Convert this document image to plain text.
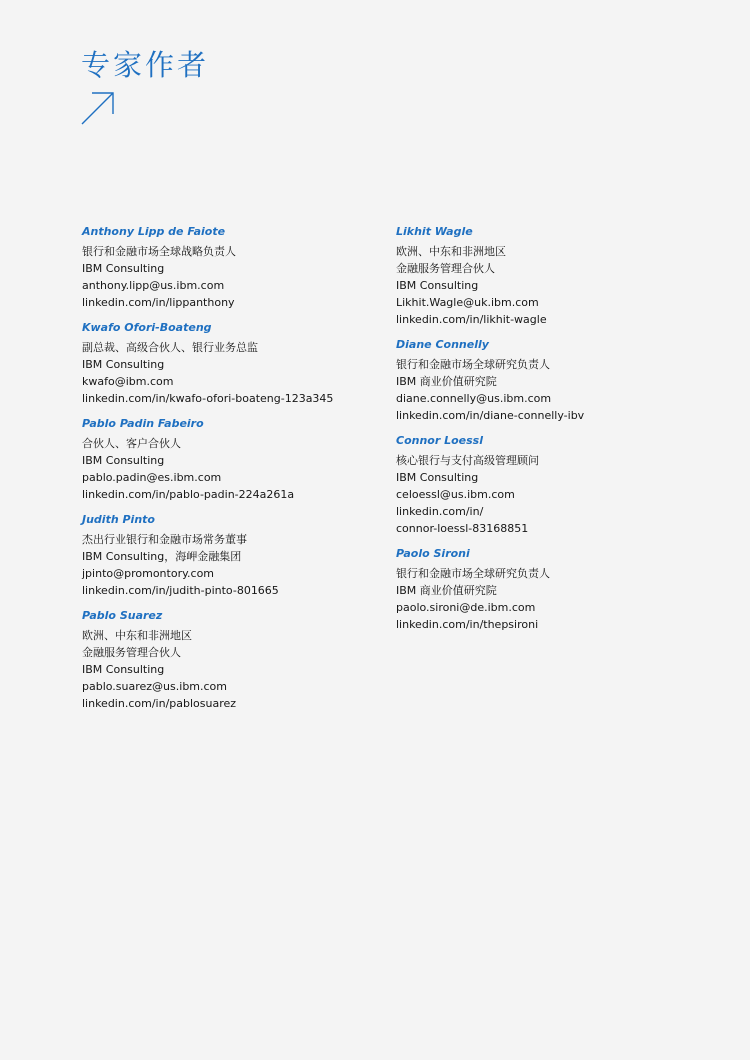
专家作者
Anthony Lipp de Faiote
银行和金融市场全球战略负责人
IBM Consulting
anthony.lipp@us.ibm.com
linkedin.com/in/lippanthony
Kwafo Ofori-Boateng
副总裁、高级合伙人、银行业务总监
IBM Consulting
kwafo@ibm.com
linkedin.com/in/kwafo-ofori-boateng-123a345
Pablo Padin Fabeiro
合伙人、客户合伙人
IBM Consulting
pablo.padin@es.ibm.com
linkedin.com/in/pablo-padin-224a261a
Judith Pinto
杰出行业银行和金融市场常务董事
IBM Consulting，海岬金融集团
jpinto@promontory.com
linkedin.com/in/judith-pinto-801665
Pablo Suarez
欧洲、中东和非洲地区
金融服务管理合伙人
IBM Consulting
pablo.suarez@us.ibm.com
linkedin.com/in/pablosuarez
Likhit Wagle
欧洲、中东和非洲地区
金融服务管理合伙人
IBM Consulting
Likhit.Wagle@uk.ibm.com
linkedin.com/in/likhit-wagle
Diane Connelly
银行和金融市场全球研究负责人
IBM 商业价值研究院
diane.connelly@us.ibm.com
linkedin.com/in/diane-connelly-ibv
Connor Loessl
核心银行与支付高级管理顾问
IBM Consulting
celoessl@us.ibm.com
linkedin.com/in/
connor-loessl-83168851
Paolo Sironi
银行和金融市场全球研究负责人
IBM 商业价值研究院
paolo.sironi@de.ibm.com
linkedin.com/in/thepsironi
